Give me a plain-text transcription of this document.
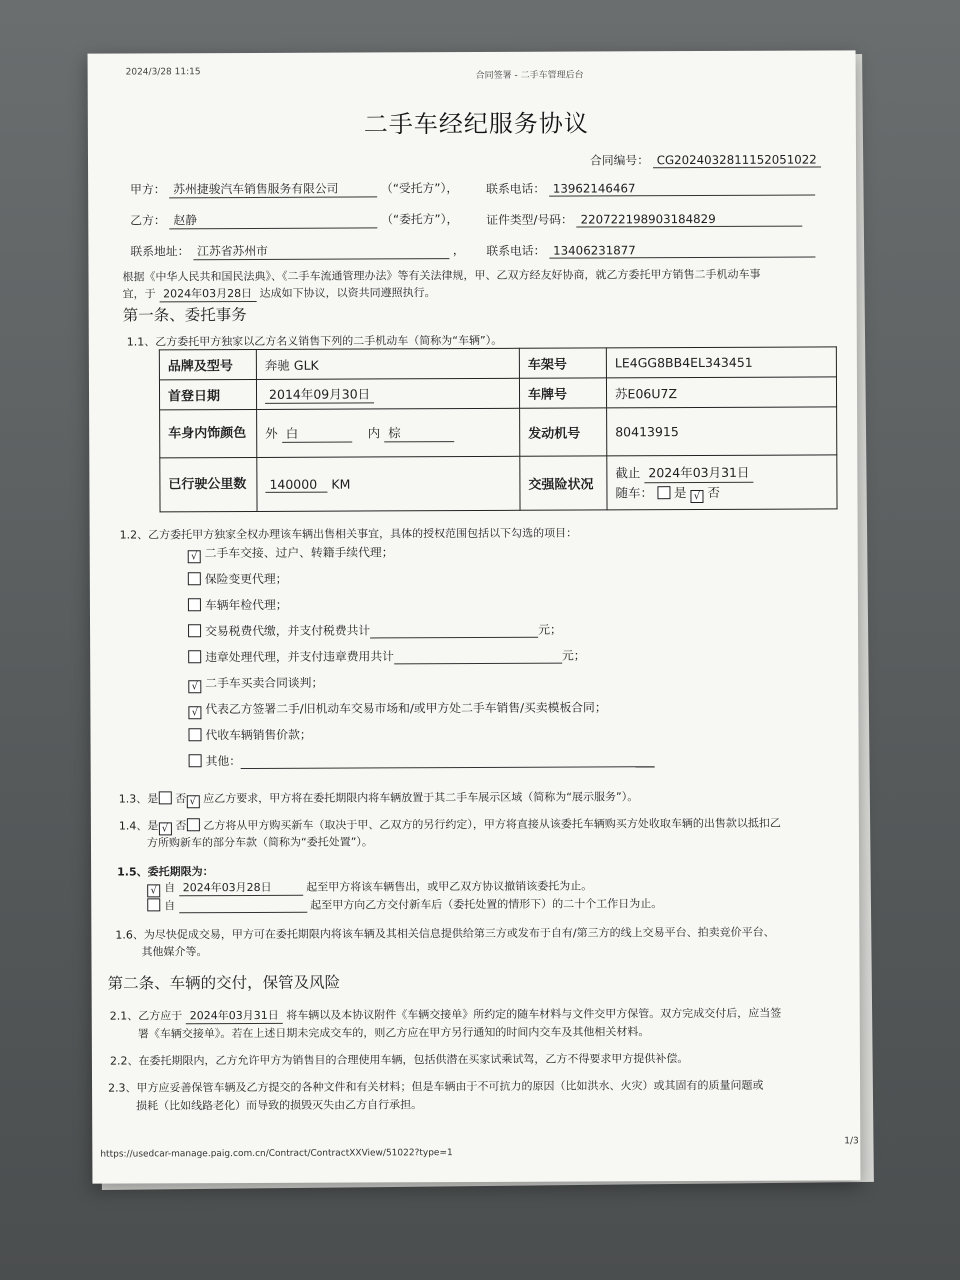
2024/3/28 11:15	合同签署 - 二手车管理后台
二手车经纪服务协议
合同编号： CG2024032811152051022
甲方： 苏州捷骏汽车销售服务有限公司	（“受托方”）， 联系电话： 13962146467
乙方： 赵静	（“委托方”）， 证件类型/号码： 220722198903184829
联系地址： 江苏省苏州市	， 联系电话： 13406231877
根据《中华人民共和国民法典》、《二手车流通管理办法》等有关法律规，甲、乙双方经友好协商，就乙方委托甲方销售二手机动车事
宜，于 2024年03月28日 达成如下协议，以资共同遵照执行。
第一条、委托事务
1.1、乙方委托甲方独家以乙方名义销售下列的二手机动车（简称为“车辆”）。
品牌及型号	奔驰 GLK	车架号	LE4GG8BB4EL343451
首登日期	2014年09月30日	车牌号	苏E06U7Z
车身内饰颜色	外 白 内 棕	发动机号	80413915
已行驶公里数	140000 KM	交强险状况	截止 2024年03月31日
随车： 是 √ 否
1.2、乙方委托甲方独家全权办理该车辆出售相关事宜，具体的授权范围包括以下勾选的项目：
√ 二手车交接、过户、转籍手续代理；
保险变更代理；
车辆年检代理；
交易税费代缴，并支付税费共计	元；
违章处理代理，并支付违章费用共计	元；
√ 二手车买卖合同谈判；
√ 代表乙方签署二手/旧机动车交易市场和/或甲方处二手车销售/买卖模板合同；
代收车辆销售价款；
其他：
1.3、是 否 √ 应乙方要求，甲方将在委托期限内将车辆放置于其二手车展示区域（简称为“展示服务”）。
1.4、是 √ 否 乙方将从甲方购买新车（取决于甲、乙双方的另行约定），甲方将直接从该委托车辆购买方处收取车辆的出售款以抵扣乙
方所购新车的部分车款（简称为“委托处置”）。
1.5、委托期限为：
√ 自 2024年03月28日	起至甲方将该车辆售出，或甲乙双方协议撤销该委托为止。
自	起至甲方向乙方交付新车后（委托处置的情形下）的二十个工作日为止。
1.6、为尽快促成交易，甲方可在委托期限内将该车辆及其相关信息提供给第三方或发布于自有/第三方的线上交易平台、拍卖竞价平台、
其他媒介等。
第二条、车辆的交付，保管及风险
2.1、乙方应于 2024年03月31日 将车辆以及本协议附件《车辆交接单》所约定的随车材料与文件交甲方保管。双方完成交付后，应当签
署《车辆交接单》。若在上述日期未完成交车的，则乙方应在甲方另行通知的时间内交车及其他相关材料。
2.2、在委托期限内，乙方允许甲方为销售目的合理使用车辆，包括供潜在买家试乘试驾，乙方不得要求甲方提供补偿。
2.3、甲方应妥善保管车辆及乙方提交的各种文件和有关材料；但是车辆由于不可抗力的原因（比如洪水、火灾）或其固有的质量问题或
损耗（比如线路老化）而导致的损毁灭失由乙方自行承担。
https://usedcar-manage.paig.com.cn/Contract/ContractXXView/51022?type=1
1/3
